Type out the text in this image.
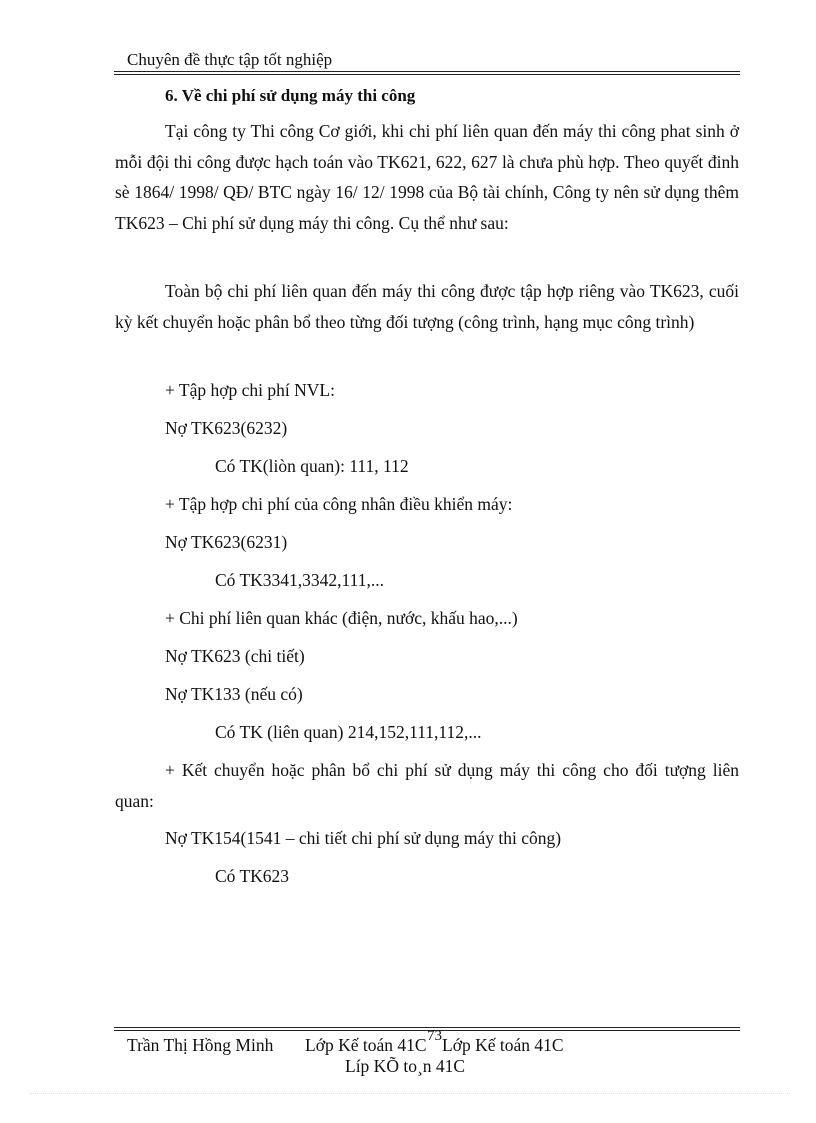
Chuyên đề thực tập tốt nghiệp
6. Về chi phí sử dụng máy thi công
Tại công ty Thi công Cơ giới, khi chi phí liên quan đến máy thi công phat sinh ở mỗi đội thi công được hạch toán vào TK621, 622, 627 là chưa phù hợp. Theo quyết đinh sè 1864/ 1998/ QĐ/ BTC ngày 16/ 12/ 1998 của Bộ tài chính, Công ty nên sử dụng thêm TK623 – Chi phí sử dụng máy thi công. Cụ thể như sau:
Toàn bộ chi phí liên quan đến máy thi công được tập hợp riêng vào TK623, cuối kỳ kết chuyển hoặc phân bổ theo từng đối tượng (công trình, hạng mục công trình)
+ Tập hợp chi phí NVL:
Nợ TK623(6232)
Có TK(liòn quan): 111, 112
+ Tập hợp chi phí của công nhân điều khiển máy:
Nợ TK623(6231)
Có TK3341,3342,111,...
+ Chi phí liên quan khác (điện, nước, khấu hao,...)
Nợ TK623 (chi tiết)
Nợ TK133 (nếu có)
Có TK (liên quan) 214,152,111,112,...
+ Kết chuyển hoặc phân bổ chi phí sử dụng máy thi công cho đối tượng liên quan:
Nợ TK154(1541 – chi tiết chi phí sử dụng máy thi công)
Có TK623
Trần Thị Hồng Minh Lớp Kế toán 41C 73 Lớp Kế toán 41C
Líp KÕ to¸n 41C
